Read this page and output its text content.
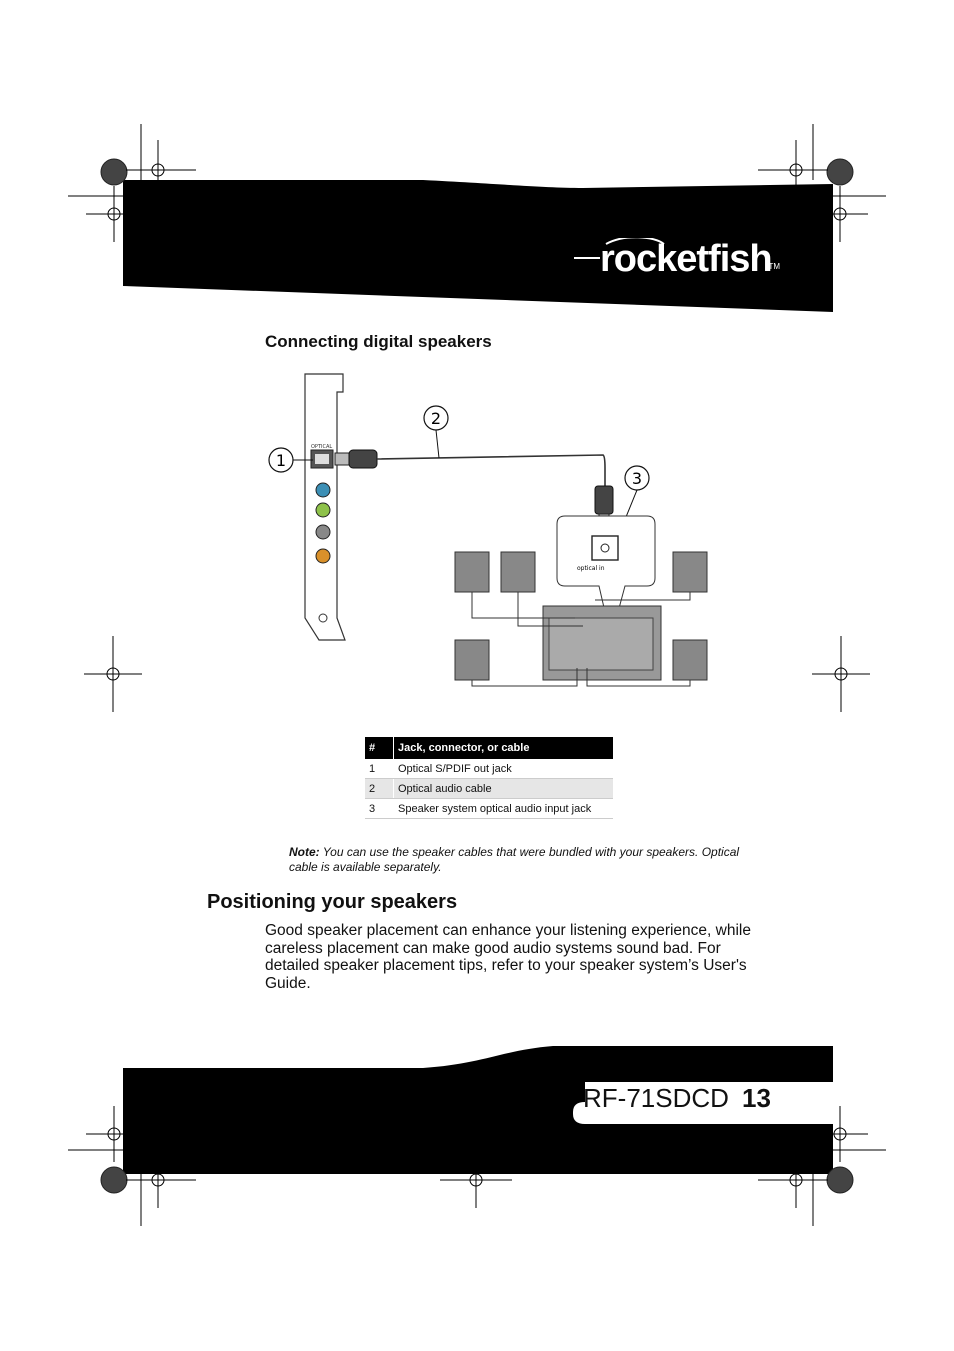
rocketfish
TM
Connecting digital speakers
OPTICAL
1
2
3
optical in
#	Jack, connector, or cable
1	Optical S/PDIF out jack
2	Optical audio cable
3	Speaker system optical audio input jack
Note: You can use the speaker cables that were bundled with your speakers. Optical cable is available separately.
Positioning your speakers
Good speaker placement can enhance your listening experience, while careless placement can make good audio systems sound bad. For detailed speaker placement tips, refer to your speaker system’s User's Guide.
RF-71SDCD 13
